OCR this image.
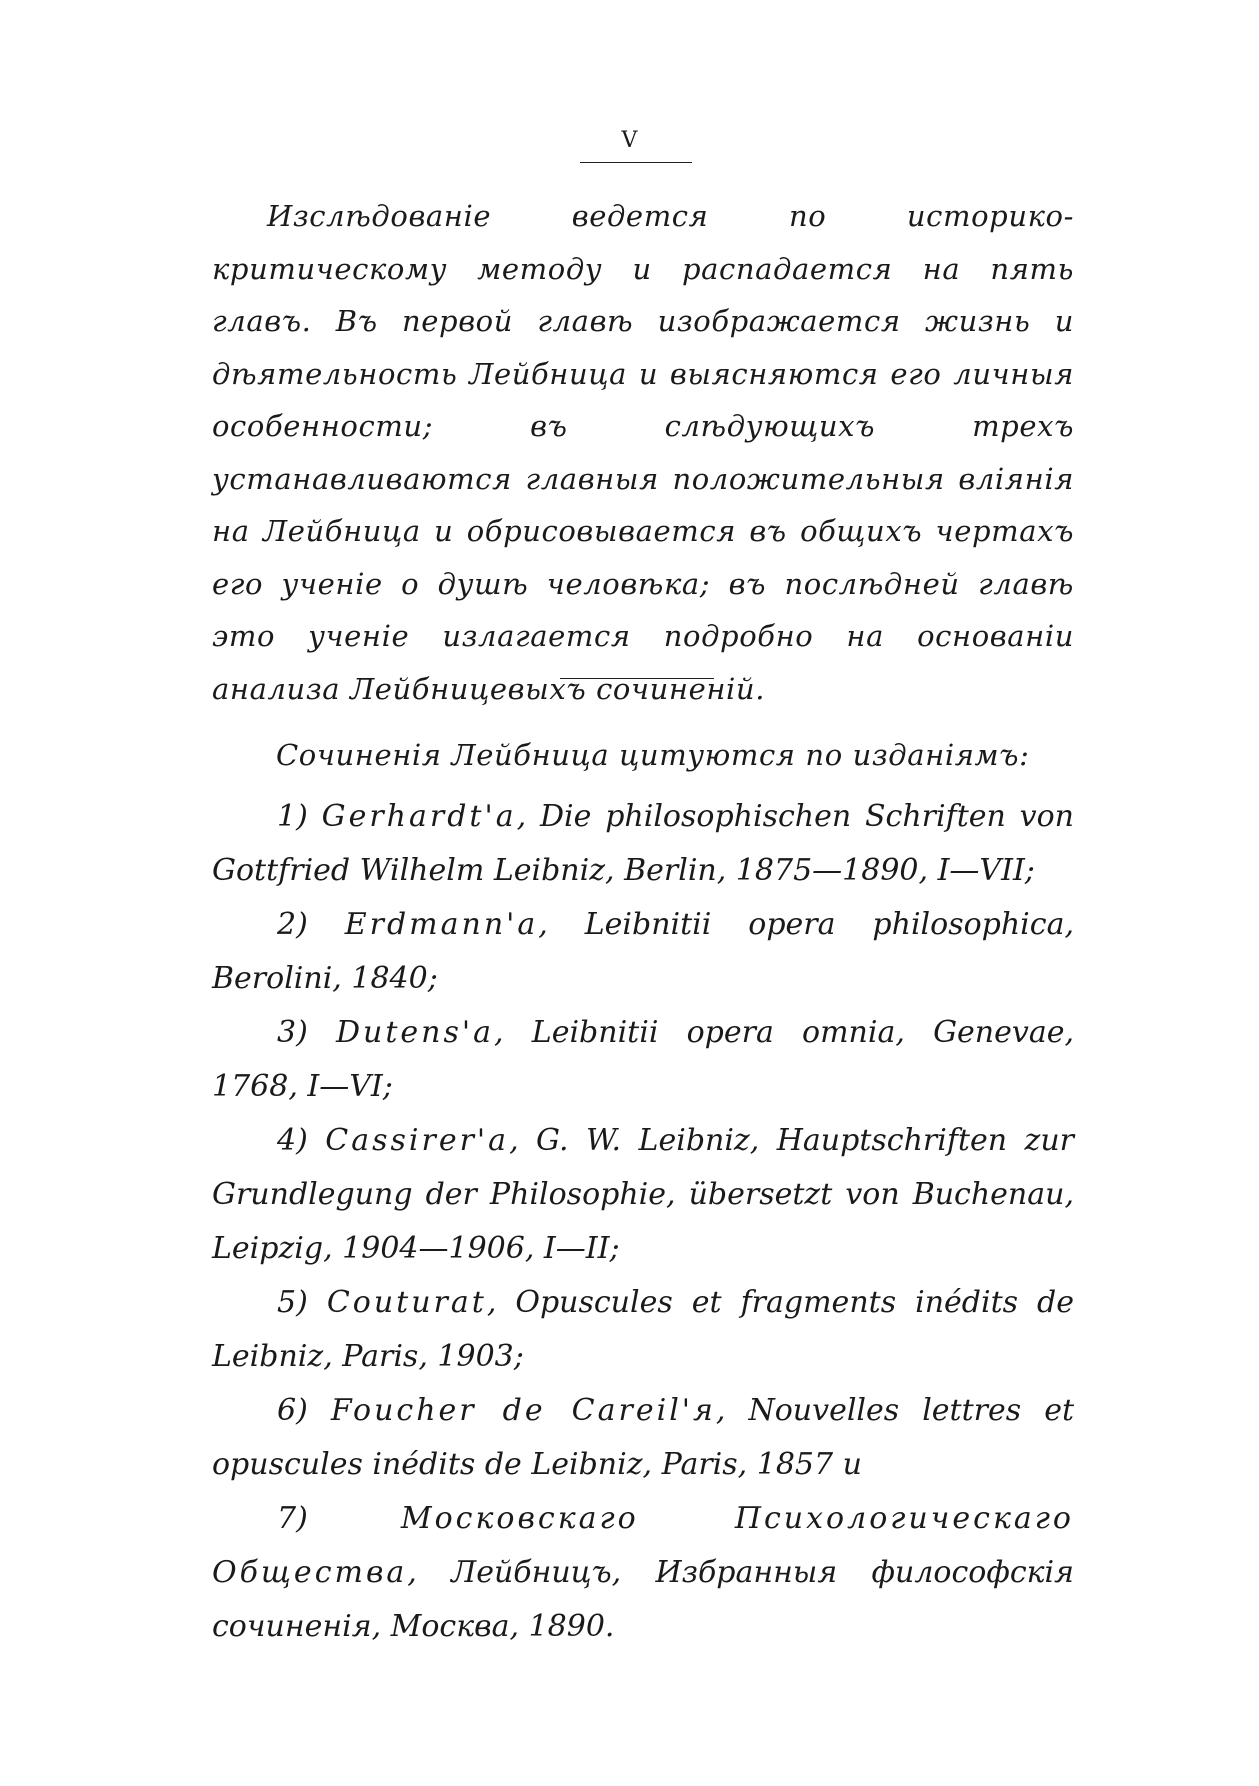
V

Изслѣдованіе ведется по историко-критическому методу и распадается на пять главъ. Въ первой главѣ изображается жизнь и дѣятельность Лейбница и выясняются его личныя особенности; въ слѣдующихъ трехъ устанавливаются главныя положительныя вліянія на Лейбница и обрисовывается въ общихъ чертахъ его ученіе о душѣ человѣка; въ послѣдней главѣ это ученіе излагается подробно на основаніи анализа Лейбницевыхъ сочиненій.

Сочиненія Лейбница цитуются по изданіямъ:

1) Gerhardt'a, Die philosophischen Schriften von Gottfried Wilhelm Leibniz, Berlin, 1875—1890, I—VII;
2) Erdmann'a, Leibnitii opera philosophica, Berolini, 1840;
3) Dutens'a, Leibnitii opera omnia, Genevae, 1768, I—VI;
4) Cassirer'a, G. W. Leibniz, Hauptschriften zur Grundlegung der Philosophie, übersetzt von Buchenau, Leipzig, 1904—1906, I—II;
5) Couturat, Opuscules et fragments inédits de Leibniz, Paris, 1903;
6) Foucher de Careil'я, Nouvelles lettres et opuscules inédits de Leibniz, Paris, 1857 и
7)	Московскаго Психологическаго Общества, Лейбницъ, Избранныя философскія сочиненія, Москва, 1890.
